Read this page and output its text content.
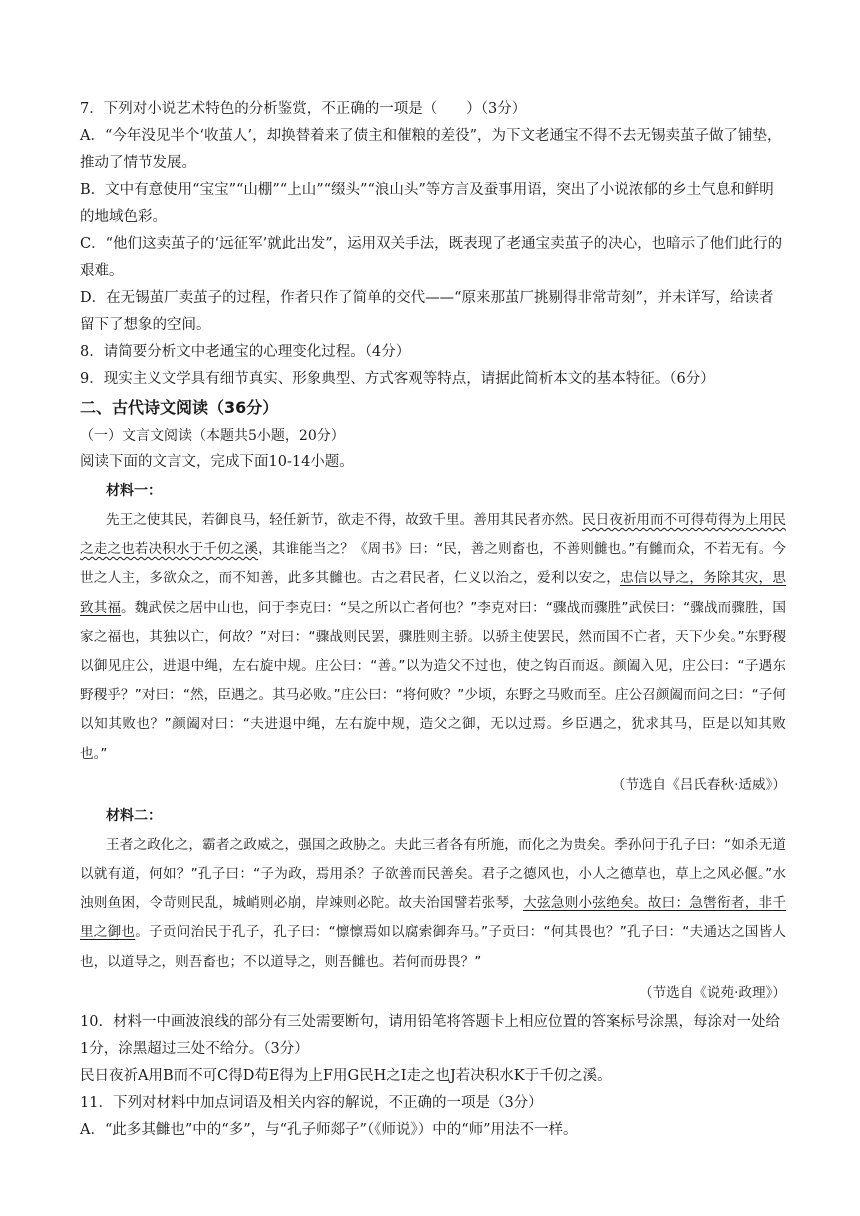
7．下列对小说艺术特色的分析鉴赏，不正确的一项是（　　）（3分）
A．“今年没见半个‘收茧人’，却换替着来了债主和催粮的差役”，为下文老通宝不得不去无锡卖茧子做了铺垫，推动了情节发展。
B．文中有意使用“宝宝”“山棚”“上山”“缀头”“浪山头”等方言及蚕事用语，突出了小说浓郁的乡土气息和鲜明的地域色彩。
C．“他们这卖茧子的‘远征军’就此出发”，运用双关手法，既表现了老通宝卖茧子的决心，也暗示了他们此行的艰难。
D．在无锡茧厂卖茧子的过程，作者只作了简单的交代——“原来那茧厂挑剔得非常苛刻”，并未详写，给读者留下了想象的空间。
8．请简要分析文中老通宝的心理变化过程。（4分）
9．现实主义文学具有细节真实、形象典型、方式客观等特点，请据此简析本文的基本特征。（6分）
二、古代诗文阅读（36分）
（一）文言文阅读（本题共5小题，20分）
阅读下面的文言文，完成下面10-14小题。
材料一：
先王之使其民，若御良马，轻任新节，欲走不得，故致千里。善用其民者亦然。民日夜祈用而不可得苟得为上用民之走之也若决积水于千仞之溪，其谁能当之？《周书》曰：“民，善之则畜也，不善则雠也。”有雠而众，不若无有。今世之人主，多欲众之，而不知善，此多其雠也。古之君民者，仁义以治之，爱利以安之，忠信以导之，务除其灾，思致其福。魏武侯之居中山也，问于李克曰：“吴之所以亡者何也？”李克对曰：“骤战而骤胜”武侯曰：“骤战而骤胜，国家之福也，其独以亡，何故？”对曰：“骤战则民罢，骤胜则主骄。以骄主使罢民，然而国不亡者，天下少矣。”东野稷以御见庄公，进退中绳，左右旋中规。庄公曰：“善。”以为造父不过也，使之钩百而返。颜阖入见，庄公曰：“子遇东野稷乎？”对曰：“然，臣遇之。其马必败。”庄公曰：“将何败？”少顷，东野之马败而至。庄公召颜阖而问之曰：“子何以知其败也？”颜阖对曰：“夫进退中绳，左右旋中规，造父之御，无以过焉。乡臣遇之，犹求其马，臣是以知其败也。”
（节选自《吕氏春秋·适威》）
材料二：
王者之政化之，霸者之政威之，强国之政胁之。夫此三者各有所施，而化之为贵矣。季孙问于孔子曰：“如杀无道以就有道，何如？”孔子曰：“子为政，焉用杀？子欲善而民善矣。君子之德风也，小人之德草也，草上之风必偃。”水浊则鱼困，令苛则民乱，城峭则必崩，岸竦则必陀。故夫治国譬若张琴，大弦急则小弦绝矣。故曰：急辔衔者，非千里之御也。子贡问治民于孔子，孔子曰：“懔懔焉如以腐索御奔马。”子贡曰：“何其畏也？”孔子曰：“夫通达之国皆人也，以道导之，则吾畜也；不以道导之，则吾雠也。若何而毋畏？”
（节选自《说苑·政理》）
10．材料一中画波浪线的部分有三处需要断句，请用铅笔将答题卡上相应位置的答案标号涂黑，每涂对一处给1分，涂黑超过三处不给分。（3分）
民日夜祈A用B而不可C得D苟E得为上F用G民H之I走之也J若决积水K于千仞之溪。
11．下列对材料中加点词语及相关内容的解说，不正确的一项是（3分）
A．“此多其雠也”中的“多”，与“孔子师郯子”（《师说》）中的“师”用法不一样。
